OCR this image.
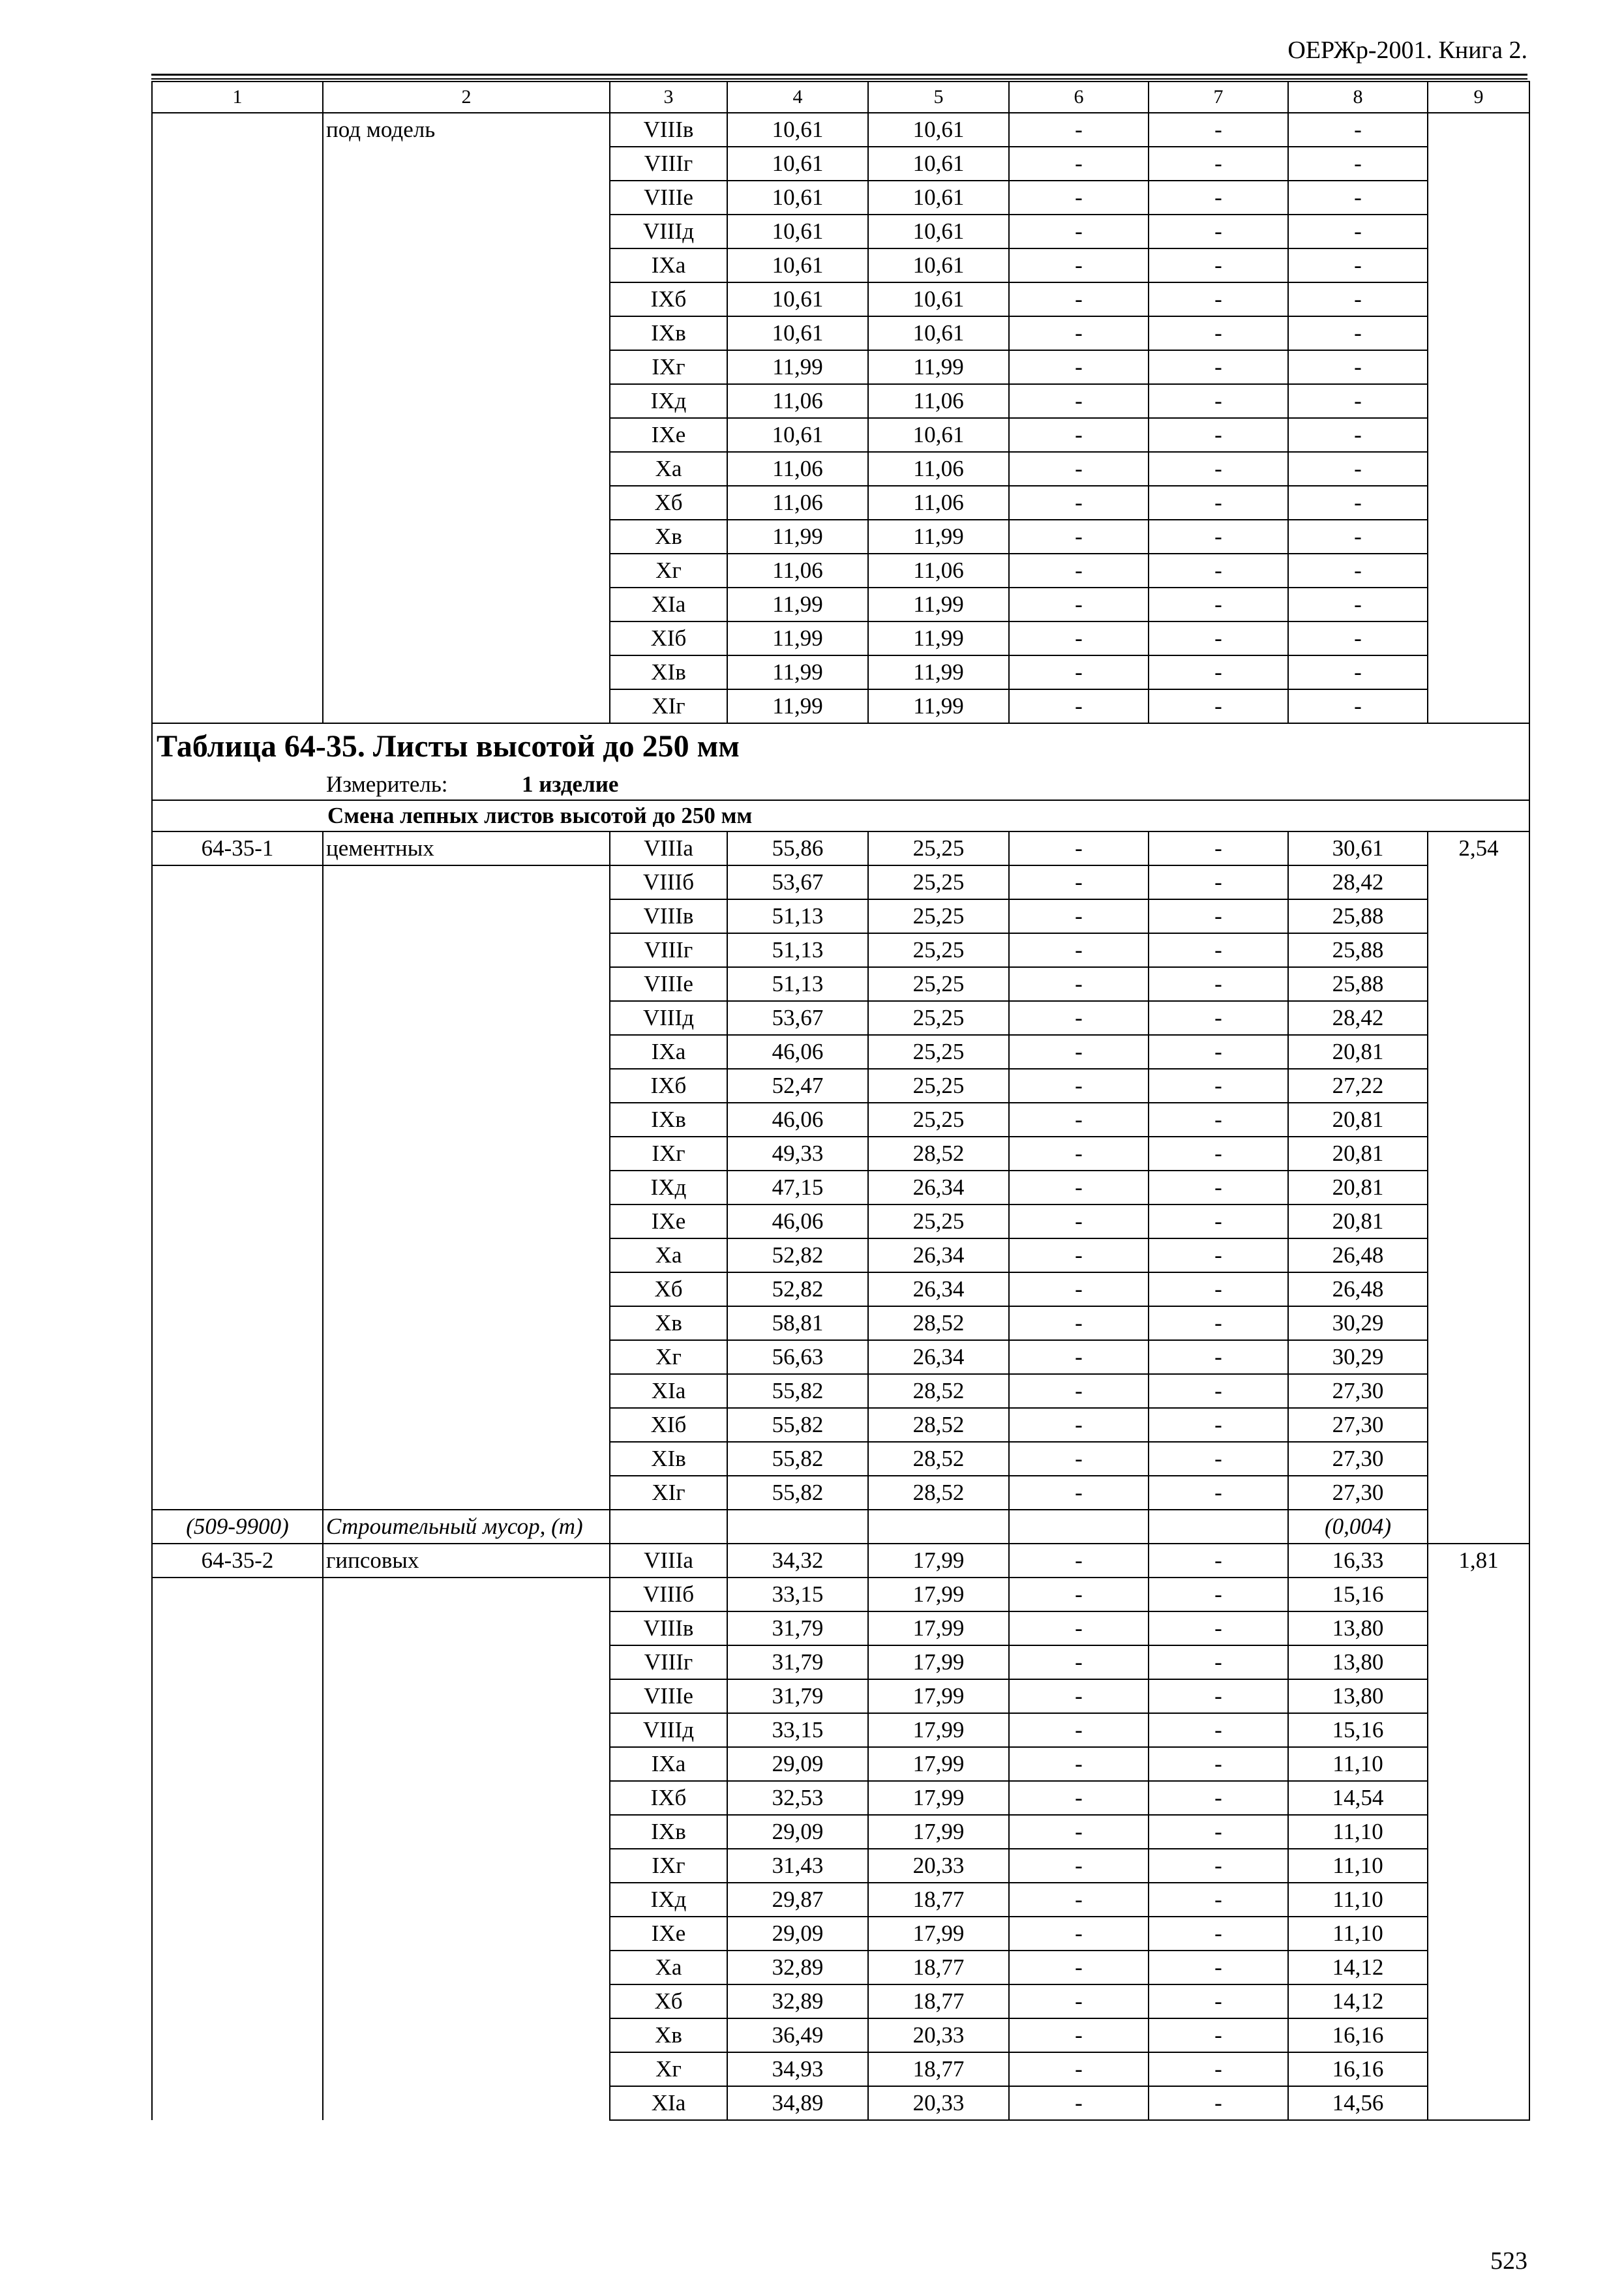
ОЕРЖр-2001. Книга 2.
1	2	3	4	5	6	7	8	9
	под модель	VIIIв	10,61	10,61	-	-	-	
		VIIIг	10,61	10,61	-	-	-	
		VIIIе	10,61	10,61	-	-	-	
		VIIIд	10,61	10,61	-	-	-	
		IXа	10,61	10,61	-	-	-	
		IXб	10,61	10,61	-	-	-	
		IXв	10,61	10,61	-	-	-	
		IXг	11,99	11,99	-	-	-	
		IXд	11,06	11,06	-	-	-	
		IXе	10,61	10,61	-	-	-	
		Xа	11,06	11,06	-	-	-	
		Xб	11,06	11,06	-	-	-	
		Xв	11,99	11,99	-	-	-	
		Xг	11,06	11,06	-	-	-	
		XIа	11,99	11,99	-	-	-	
		XIб	11,99	11,99	-	-	-	
		XIв	11,99	11,99	-	-	-	
		XIг	11,99	11,99	-	-	-	
Таблица 64-35. Листы высотой до 250 мм								
Измеритель: 1 изделие								
Смена лепных листов высотой до 250 мм								
64-35-1	цементных	VIIIа	55,86	25,25	-	-	30,61	2,54
		VIIIб	53,67	25,25	-	-	28,42	
		VIIIв	51,13	25,25	-	-	25,88	
		VIIIг	51,13	25,25	-	-	25,88	
		VIIIе	51,13	25,25	-	-	25,88	
		VIIIд	53,67	25,25	-	-	28,42	
		IXа	46,06	25,25	-	-	20,81	
		IXб	52,47	25,25	-	-	27,22	
		IXв	46,06	25,25	-	-	20,81	
		IXг	49,33	28,52	-	-	20,81	
		IXд	47,15	26,34	-	-	20,81	
		IXе	46,06	25,25	-	-	20,81	
		Xа	52,82	26,34	-	-	26,48	
		Xб	52,82	26,34	-	-	26,48	
		Xв	58,81	28,52	-	-	30,29	
		Xг	56,63	26,34	-	-	30,29	
		XIа	55,82	28,52	-	-	27,30	
		XIб	55,82	28,52	-	-	27,30	
		XIв	55,82	28,52	-	-	27,30	
		XIг	55,82	28,52	-	-	27,30	
(509-9900)	Строительный мусор, (т)						(0,004)	
64-35-2	гипсовых	VIIIа	34,32	17,99	-	-	16,33	1,81
		VIIIб	33,15	17,99	-	-	15,16	
		VIIIв	31,79	17,99	-	-	13,80	
		VIIIг	31,79	17,99	-	-	13,80	
		VIIIе	31,79	17,99	-	-	13,80	
		VIIIд	33,15	17,99	-	-	15,16	
		IXа	29,09	17,99	-	-	11,10	
		IXб	32,53	17,99	-	-	14,54	
		IXв	29,09	17,99	-	-	11,10	
		IXг	31,43	20,33	-	-	11,10	
		IXд	29,87	18,77	-	-	11,10	
		IXе	29,09	17,99	-	-	11,10	
		Xа	32,89	18,77	-	-	14,12	
		Xб	32,89	18,77	-	-	14,12	
		Xв	36,49	20,33	-	-	16,16	
		Xг	34,93	18,77	-	-	16,16	
		XIа	34,89	20,33	-	-	14,56	
523
